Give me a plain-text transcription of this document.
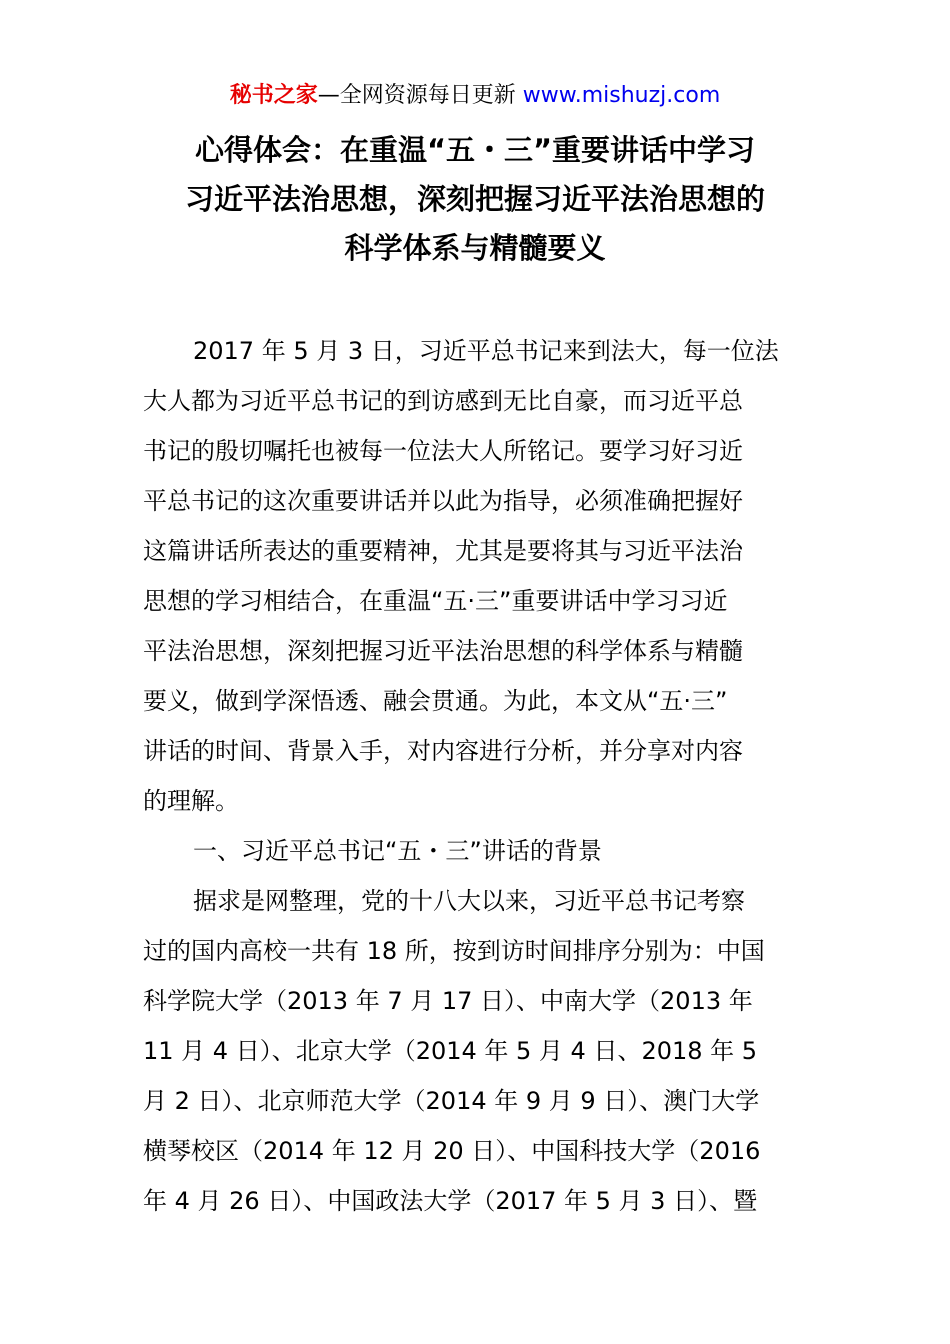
秘书之家—全网资源每日更新 www.mishuzj.com
心得体会：在重温“五・三”重要讲话中学习
习近平法治思想，深刻把握习近平法治思想的
科学体系与精髓要义

2017 年 5 月 3 日，习近平总书记来到法大，每一位法
大人都为习近平总书记的到访感到无比自豪，而习近平总
书记的殷切嘱托也被每一位法大人所铭记。要学习好习近
平总书记的这次重要讲话并以此为指导，必须准确把握好
这篇讲话所表达的重要精神，尤其是要将其与习近平法治
思想的学习相结合，在重温“五·三”重要讲话中学习习近
平法治思想，深刻把握习近平法治思想的科学体系与精髓
要义，做到学深悟透、融会贯通。为此，本文从“五·三”
讲话的时间、背景入手，对内容进行分析，并分享对内容
的理解。

一、习近平总书记“五・三”讲话的背景

据求是网整理，党的十八大以来，习近平总书记考察
过的国内高校一共有 18 所，按到访时间排序分别为：中国
科学院大学（2013 年 7 月 17 日）、中南大学（2013 年
11 月 4 日）、北京大学（2014 年 5 月 4 日、2018 年 5
月 2 日）、北京师范大学（2014 年 9 月 9 日）、澳门大学
横琴校区（2014 年 12 月 20 日）、中国科技大学（2016
年 4 月 26 日）、中国政法大学（2017 年 5 月 3 日）、暨
